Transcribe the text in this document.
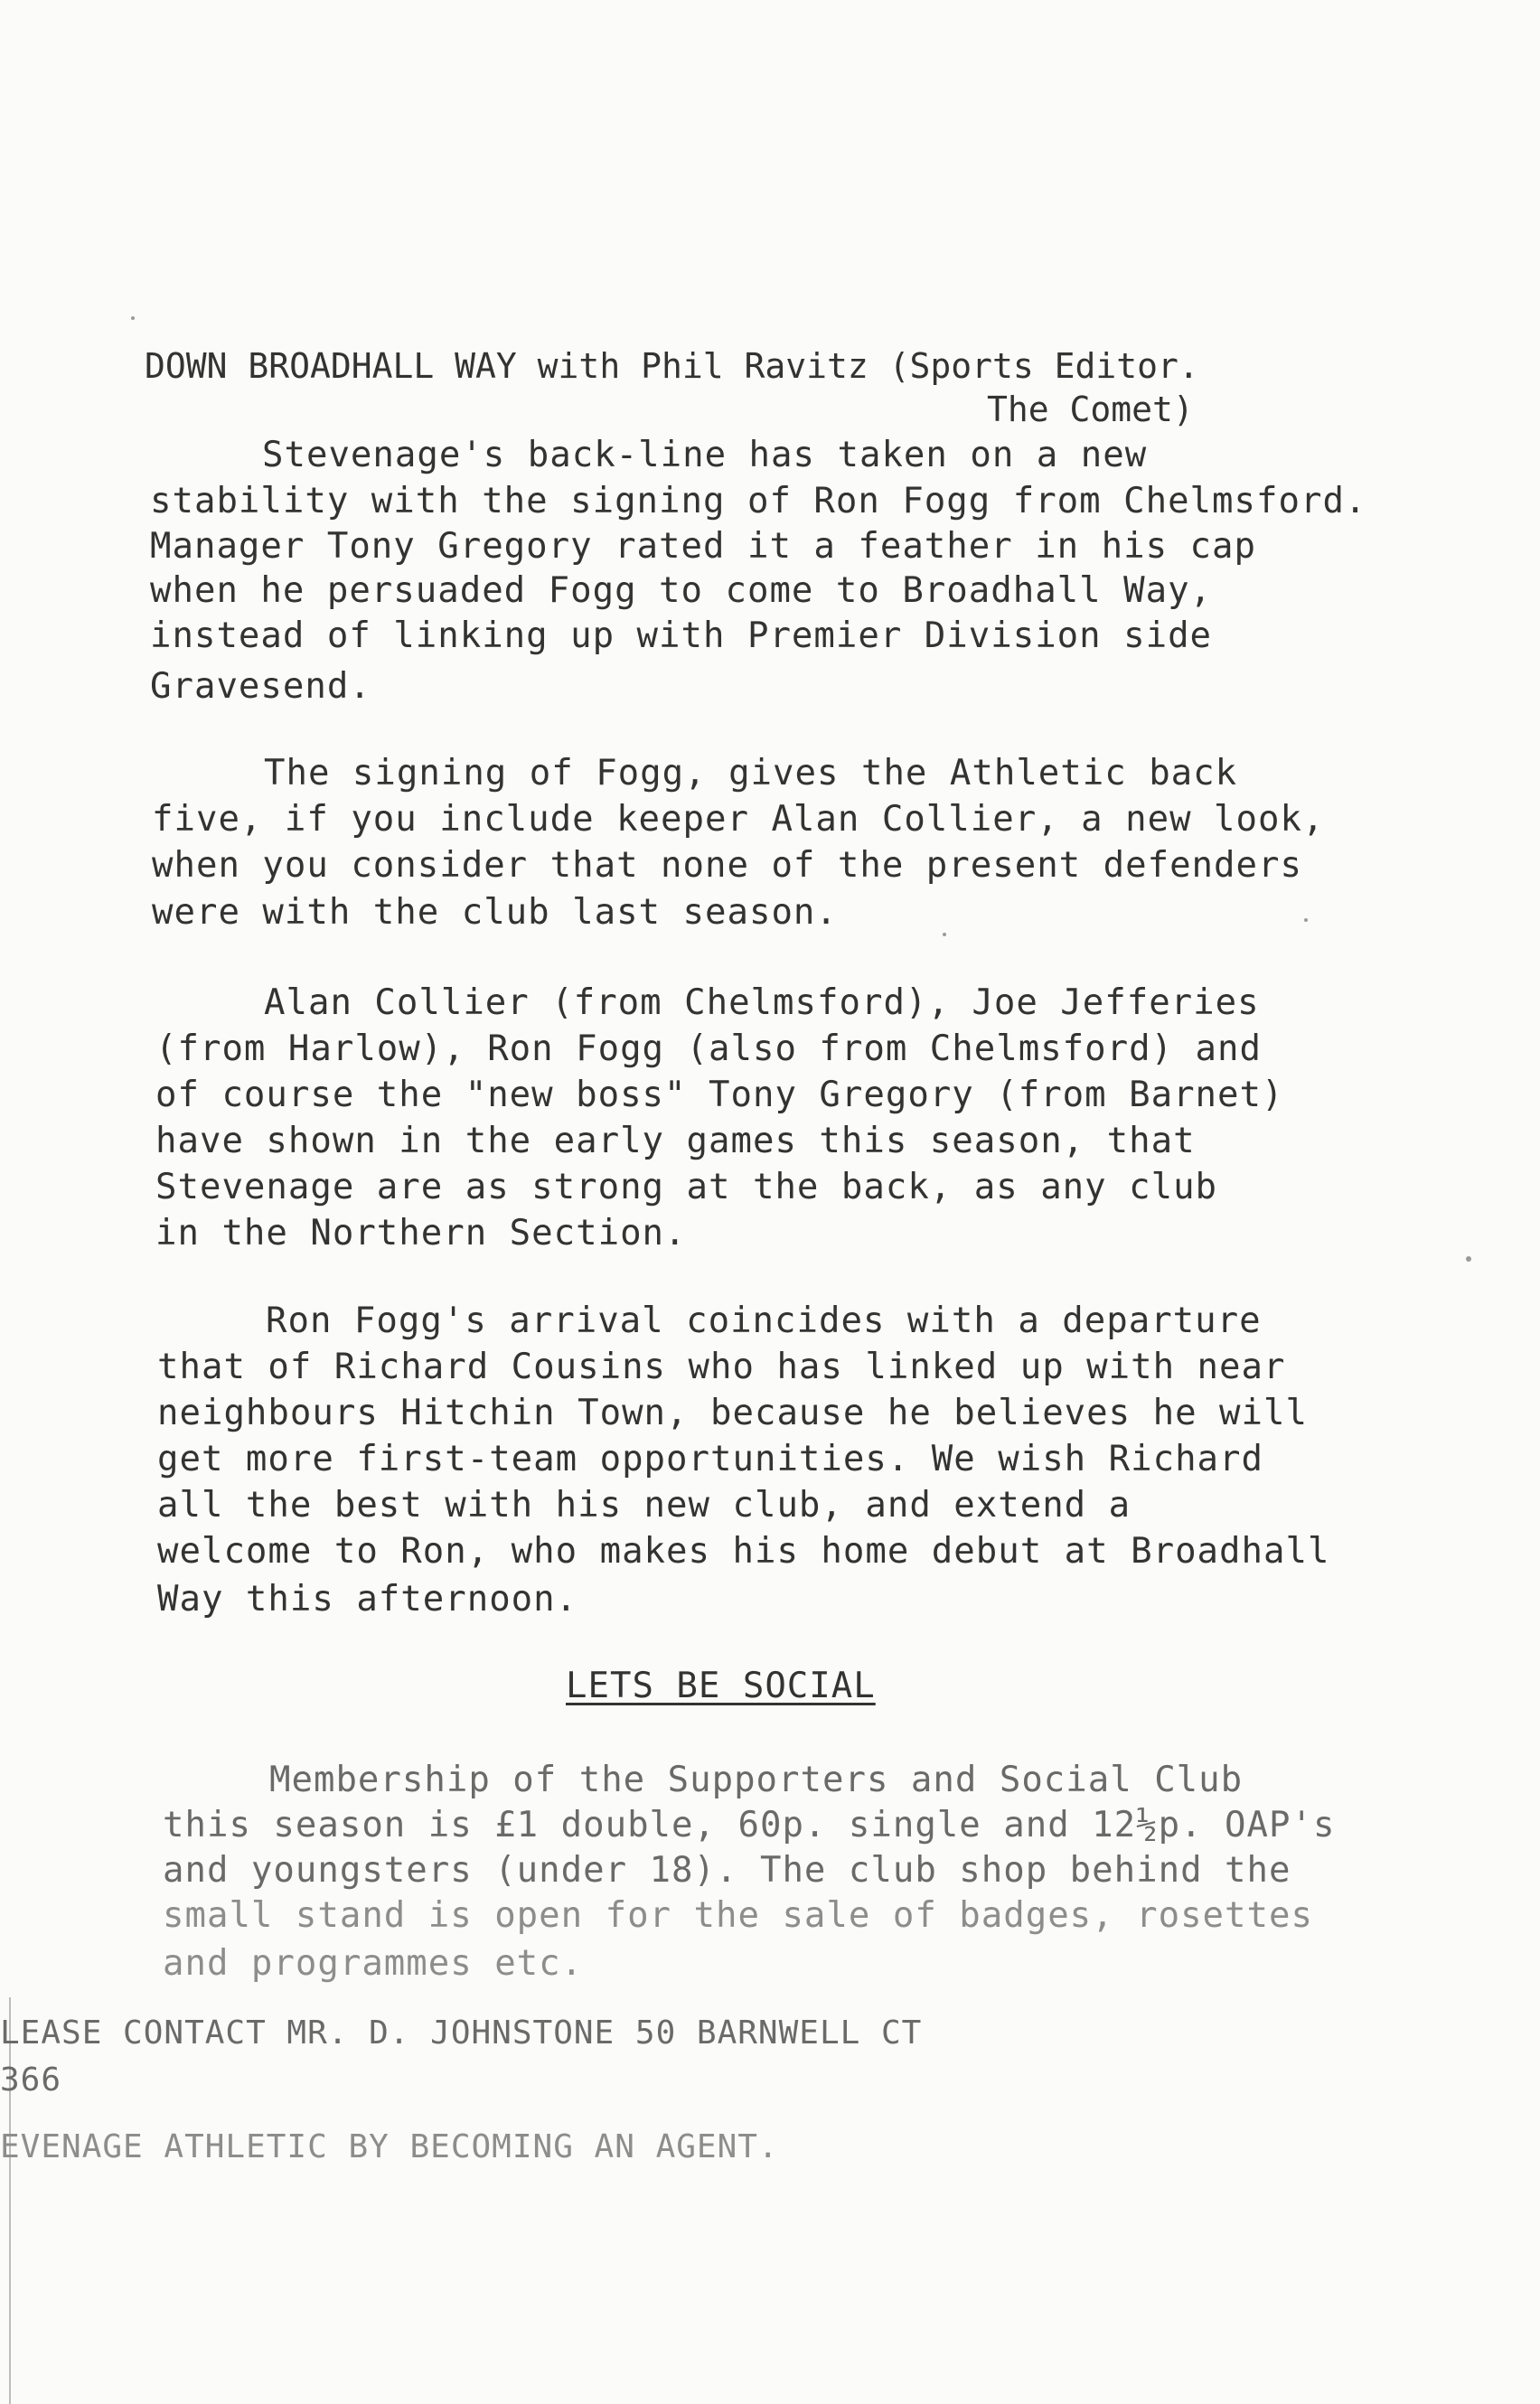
DOWN BROADHALL WAY with Phil Ravitz (Sports Editor.
The Comet)
Stevenage's back-line has taken on a new
stability with the signing of Ron Fogg from Chelmsford.
Manager Tony Gregory rated it a feather in his cap
when he persuaded Fogg to come to Broadhall Way,
instead of linking up with Premier Division side
Gravesend.
The signing of Fogg, gives the Athletic back
five, if you include keeper Alan Collier, a new look,
when you consider that none of the present defenders
were with the club last season.
Alan Collier (from Chelmsford), Joe Jefferies
(from Harlow), Ron Fogg (also from Chelmsford) and
of course the "new boss" Tony Gregory (from Barnet)
have shown in the early games this season, that
Stevenage are as strong at the back, as any club
in the Northern Section.
Ron Fogg's arrival coincides with a departure
that of Richard Cousins who has linked up with near
neighbours Hitchin Town, because he believes he will
get more first-team opportunities. We wish Richard
all the best with his new club, and extend a
welcome to Ron, who makes his home debut at Broadhall
Way this afternoon.
LETS BE SOCIAL
Membership of the Supporters and Social Club
this season is £1 double, 60p. single and 12½p. OAP's
and youngsters (under 18). The club shop behind the
small stand is open for the sale of badges, rosettes
and programmes etc.
LEASE CONTACT MR. D. JOHNSTONE 50 BARNWELL CT
366
EVENAGE ATHLETIC BY BECOMING AN AGENT.
